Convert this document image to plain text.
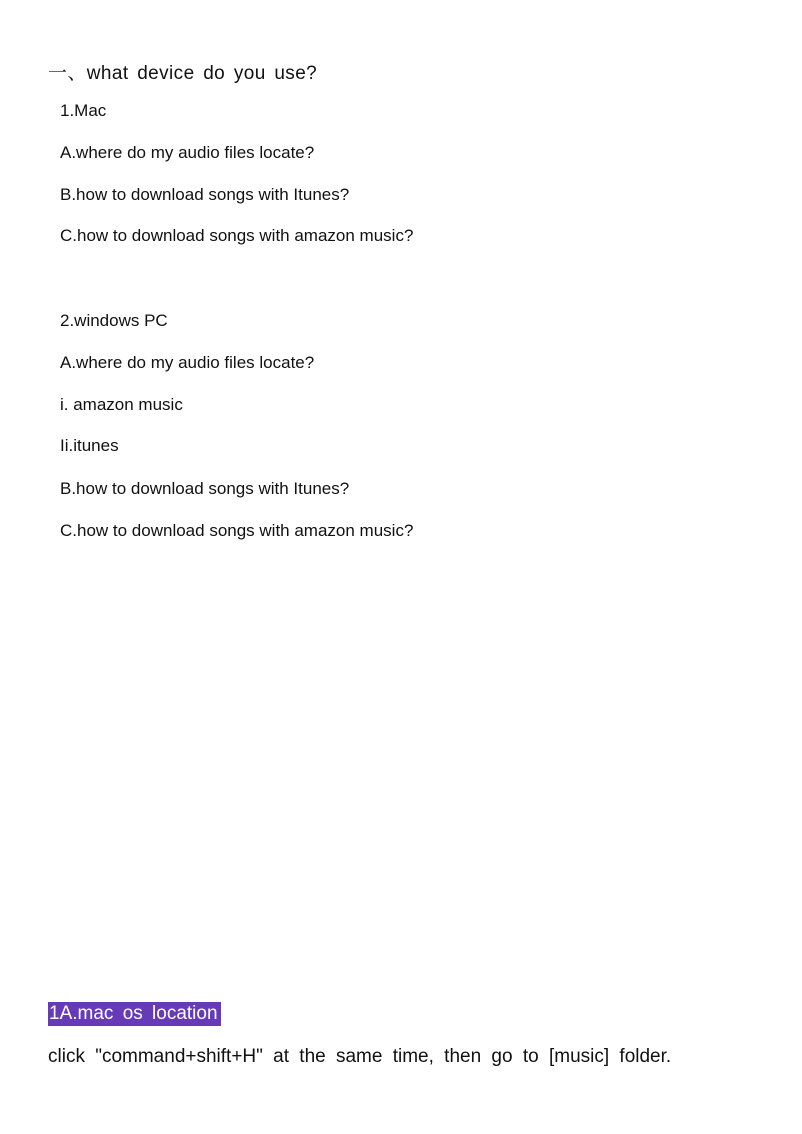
一、what device do you use?
1.Mac
A.where do my audio files locate?
B.how to download songs with Itunes?
C.how to download songs with amazon music?
2.windows PC
A.where do my audio files locate?
i. amazon music
Ii.itunes
B.how to download songs with Itunes?
C.how to download songs with amazon music?
1A.mac os location
click "command+shift+H" at the same time, then go to [music] folder.
